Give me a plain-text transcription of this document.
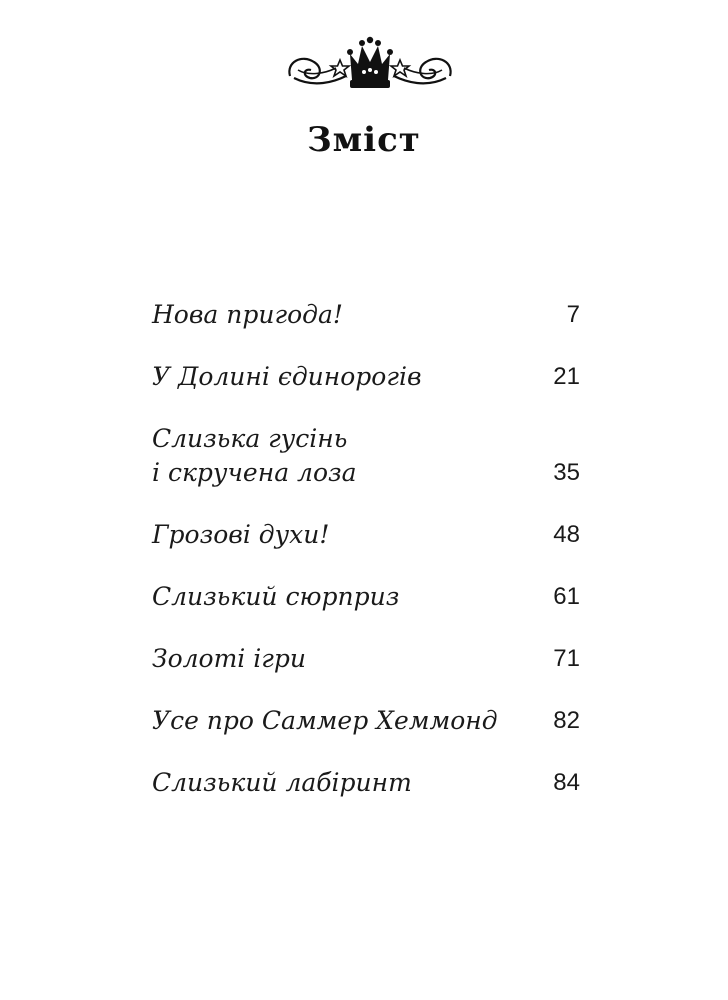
Зміст
Нова пригода!	7
У Долині єдинорогів	21
Слизька гусінь
і скручена лоза	35
Грозові духи!	48
Слизький сюрприз	61
Золоті ігри	71
Усе про Саммер Хеммонд	82
Слизький лабіринт	84
